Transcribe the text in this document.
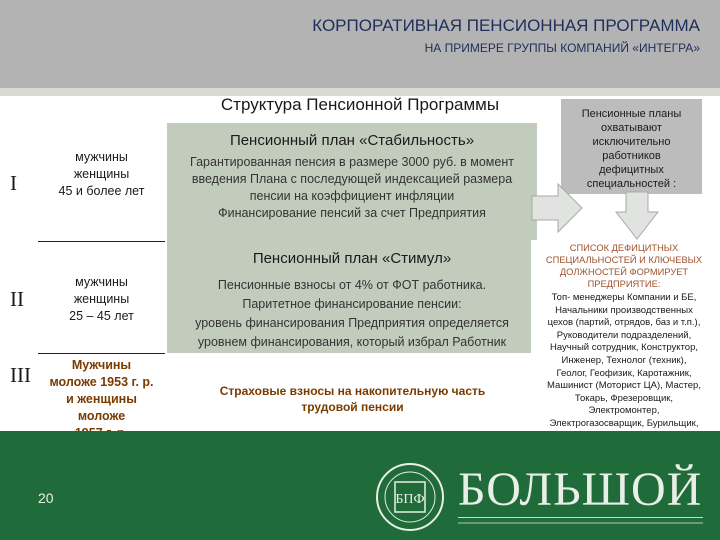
КОРПОРАТИВНАЯ ПЕНСИОННАЯ ПРОГРАММА
НА ПРИМЕРЕ ГРУППЫ КОМПАНИЙ «ИНТЕГРА»
Структура Пенсионной Программы
Пенсионный план «Стабильность»
Гарантированная пенсия в размере 3000 руб. в момент
введения Плана с последующей индексацией размера
пенсии на коэффициент инфляции
Финансирование пенсий за счет Предприятия
Пенсионный план «Стимул»
Пенсионные взносы от 4% от ФОТ работника.
Паритетное финансирование пенсии:
уровень финансирования Предприятия определяется
уровнем финансирования, который избрал Работник
Страховые взносы на накопительную часть
трудовой пенсии
I
II
III
мужчины
женщины
45 и более лет
мужчины
женщины
25 – 45 лет
Мужчины
моложе 1953 г. р.
и женщины
моложе
Пенсионные планы
охватывают
исключительно
работников
дефицитных
специальностей :
СПИСОК ДЕФИЦИТНЫХ
СПЕЦИАЛЬНОСТЕЙ И КЛЮЧЕВЫХ
ДОЛЖНОСТЕЙ ФОРМИРУЕТ
ПРЕДПРИЯТИЕ:
Топ- менеджеры Компании и БЕ,
Начальники производственных
цехов (партий, отрядов, баз и т.п.),
Руководители подразделений,
Научный сотрудник, Конструктор,
Инженер, Технолог (техник),
Геолог, Геофизик, Каротажник,
Машинист (Моторист ЦА), Мастер,
Токарь, Фрезеровщик,
Электромонтер,
Электрогазосварщик, Бурильщик,
20	БПФ БОЛЬШОЙ
